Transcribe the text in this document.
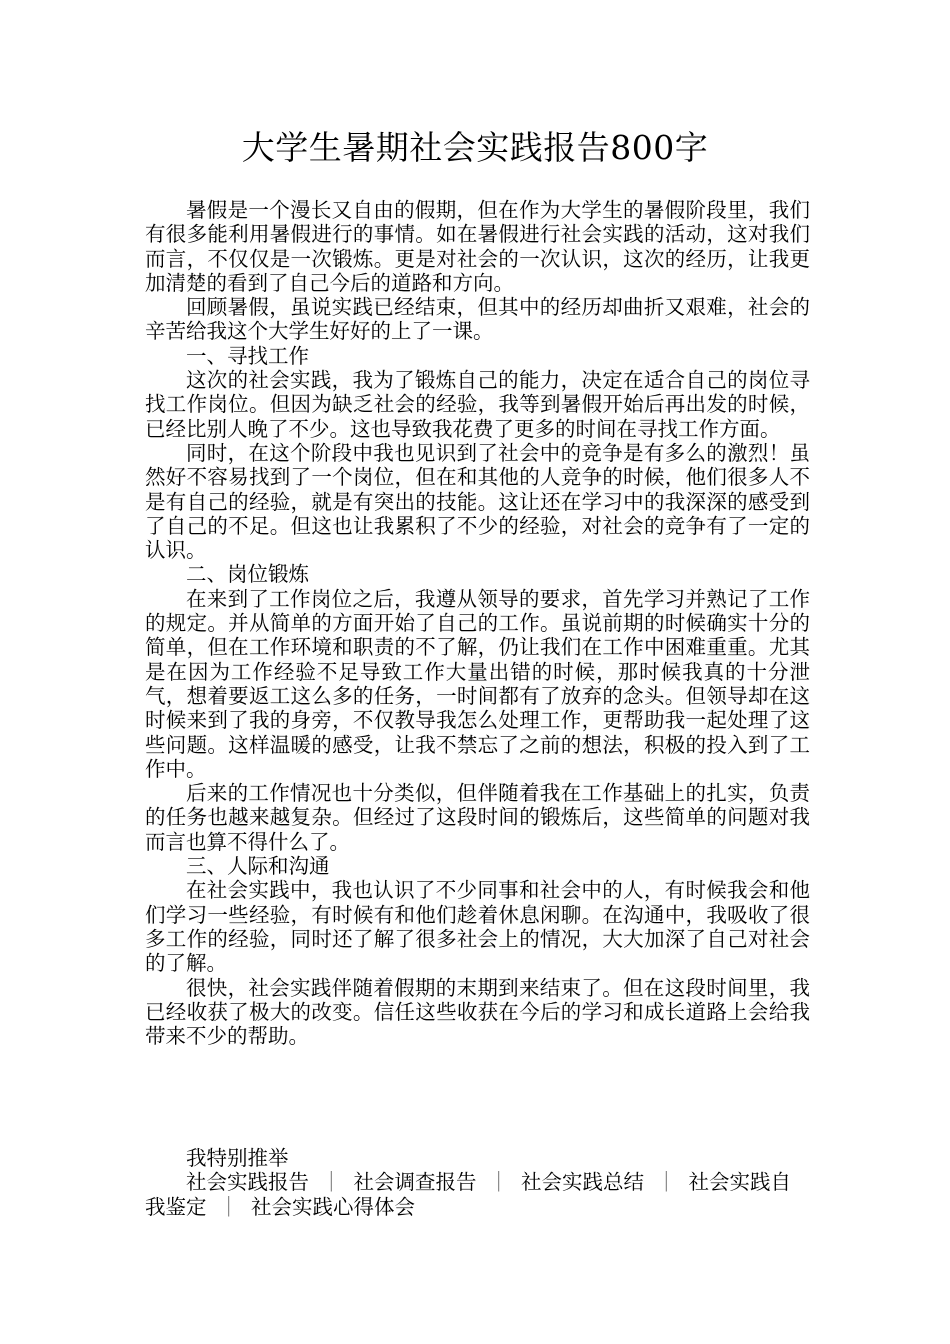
大学生暑期社会实践报告800字

暑假是一个漫长又自由的假期，但在作为大学生的暑假阶段里，我们有很多能利用暑假进行的事情。如在暑假进行社会实践的活动，这对我们而言，不仅仅是一次锻炼。更是对社会的一次认识，这次的经历，让我更加清楚的看到了自己今后的道路和方向。

回顾暑假，虽说实践已经结束，但其中的经历却曲折又艰难，社会的辛苦给我这个大学生好好的上了一课。

一、寻找工作

这次的社会实践，我为了锻炼自己的能力，决定在适合自己的岗位寻找工作岗位。但因为缺乏社会的经验，我等到暑假开始后再出发的时候，已经比别人晚了不少。这也导致我花费了更多的时间在寻找工作方面。

同时，在这个阶段中我也见识到了社会中的竞争是有多么的激烈！虽然好不容易找到了一个岗位，但在和其他的人竞争的时候，他们很多人不是有自己的经验，就是有突出的技能。这让还在学习中的我深深的感受到了自己的不足。但这也让我累积了不少的经验，对社会的竞争有了一定的认识。

二、岗位锻炼

在来到了工作岗位之后，我遵从领导的要求，首先学习并熟记了工作的规定。并从简单的方面开始了自己的工作。虽说前期的时候确实十分的简单，但在工作环境和职责的不了解，仍让我们在工作中困难重重。尤其是在因为工作经验不足导致工作大量出错的时候，那时候我真的十分泄气，想着要返工这么多的任务，一时间都有了放弃的念头。但领导却在这时候来到了我的身旁，不仅教导我怎么处理工作，更帮助我一起处理了这些问题。这样温暖的感受，让我不禁忘了之前的想法，积极的投入到了工作中。

后来的工作情况也十分类似，但伴随着我在工作基础上的扎实，负责的任务也越来越复杂。但经过了这段时间的锻炼后，这些简单的问题对我而言也算不得什么了。

三、人际和沟通

在社会实践中，我也认识了不少同事和社会中的人，有时候我会和他们学习一些经验，有时候有和他们趁着休息闲聊。在沟通中，我吸收了很多工作的经验，同时还了解了很多社会上的情况，大大加深了自己对社会的了解。

很快，社会实践伴随着假期的末期到来结束了。但在这段时间里，我已经收获了极大的改变。信任这些收获在今后的学习和成长道路上会给我带来不少的帮助。

我特别推举

社会实践报告 ｜ 社会调查报告 ｜ 社会实践总结 ｜ 社会实践自我鉴定 ｜ 社会实践心得体会
